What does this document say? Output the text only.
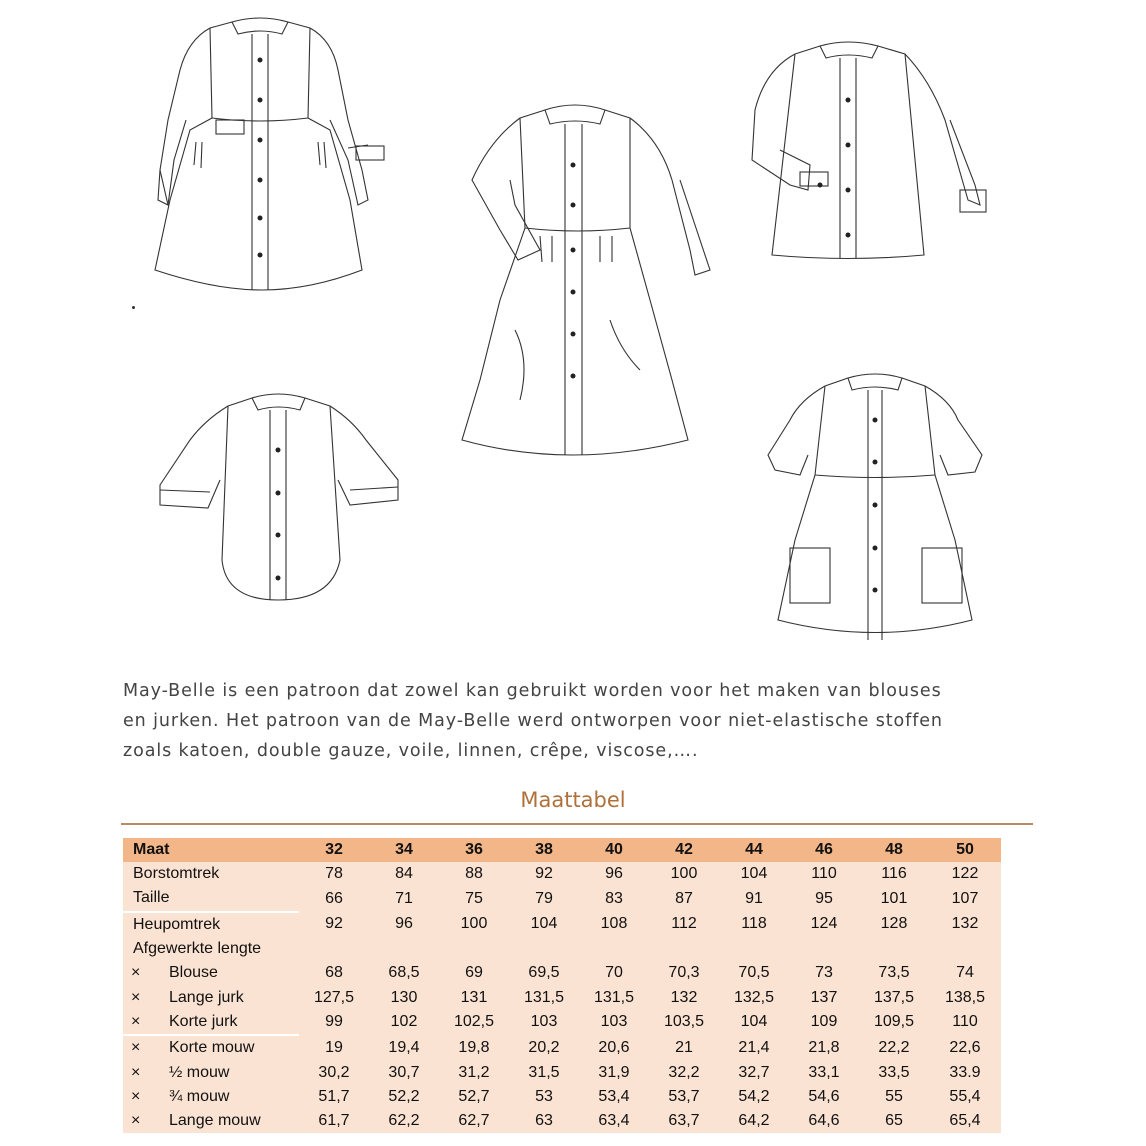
May-Belle is een patroon dat zowel kan gebruikt worden voor het maken van blouses

en jurken. Het patroon van de May-Belle werd ontworpen voor niet-elastische stoffen

zoals katoen, double gauze, voile, linnen, crêpe, viscose,….

Maattabel
Maat	32	34	36	38	40	42	44	46	48	50
Borstomtrek	78	84	88	92	96	100	104	110	116	122
Taille	66	71	75	79	83	87	91	95	101	107
Heupomtrek	92	96	100	104	108	112	118	124	128	132
Afgewerkte lengte										
× Blouse	68	68,5	69	69,5	70	70,3	70,5	73	73,5	74
× Lange jurk	127,5	130	131	131,5	131,5	132	132,5	137	137,5	138,5
× Korte jurk	99	102	102,5	103	103	103,5	104	109	109,5	110
× Korte mouw	19	19,4	19,8	20,2	20,6	21	21,4	21,8	22,2	22,6
× ½ mouw	30,2	30,7	31,2	31,5	31,9	32,2	32,7	33,1	33,5	33.9
× ¾ mouw	51,7	52,2	52,7	53	53,4	53,7	54,2	54,6	55	55,4
× Lange mouw	61,7	62,2	62,7	63	63,4	63,7	64,2	64,6	65	65,4
